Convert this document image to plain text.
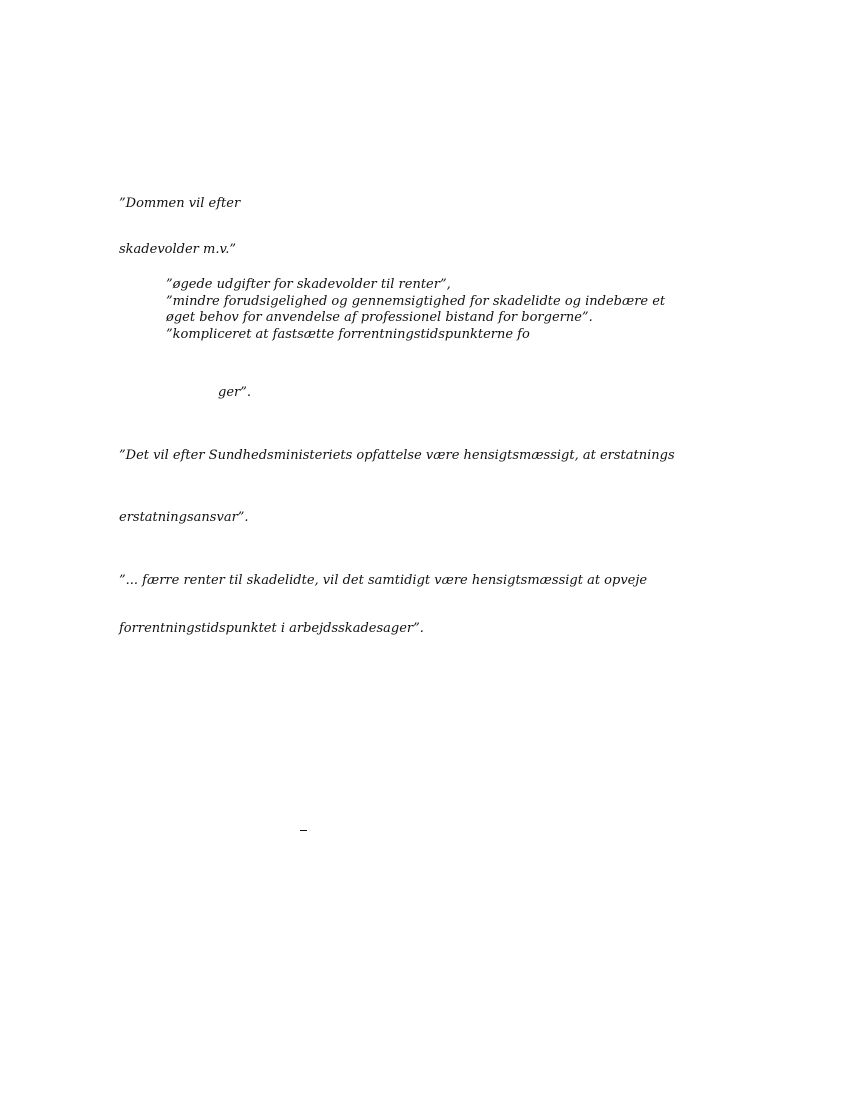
”Dommen vil efter
skadevolder m.v.”
”øgede udgifter for skadevolder til renter”,
”mindre forudsigelighed og gennemsigtighed for skadelidte og indebære et
øget behov for anvendelse af professionel bistand for borgerne”.
”kompliceret at fastsætte forrentningstidspunkterne fo
ger”.
”Det vil efter Sundhedsministeriets opfattelse være hensigtsmæssigt, at erstatnings
erstatningsansvar”.
”... færre renter til skadelidte, vil det samtidigt være hensigtsmæssigt at opveje
forrentningstidspunktet i arbejdsskadesager”.
